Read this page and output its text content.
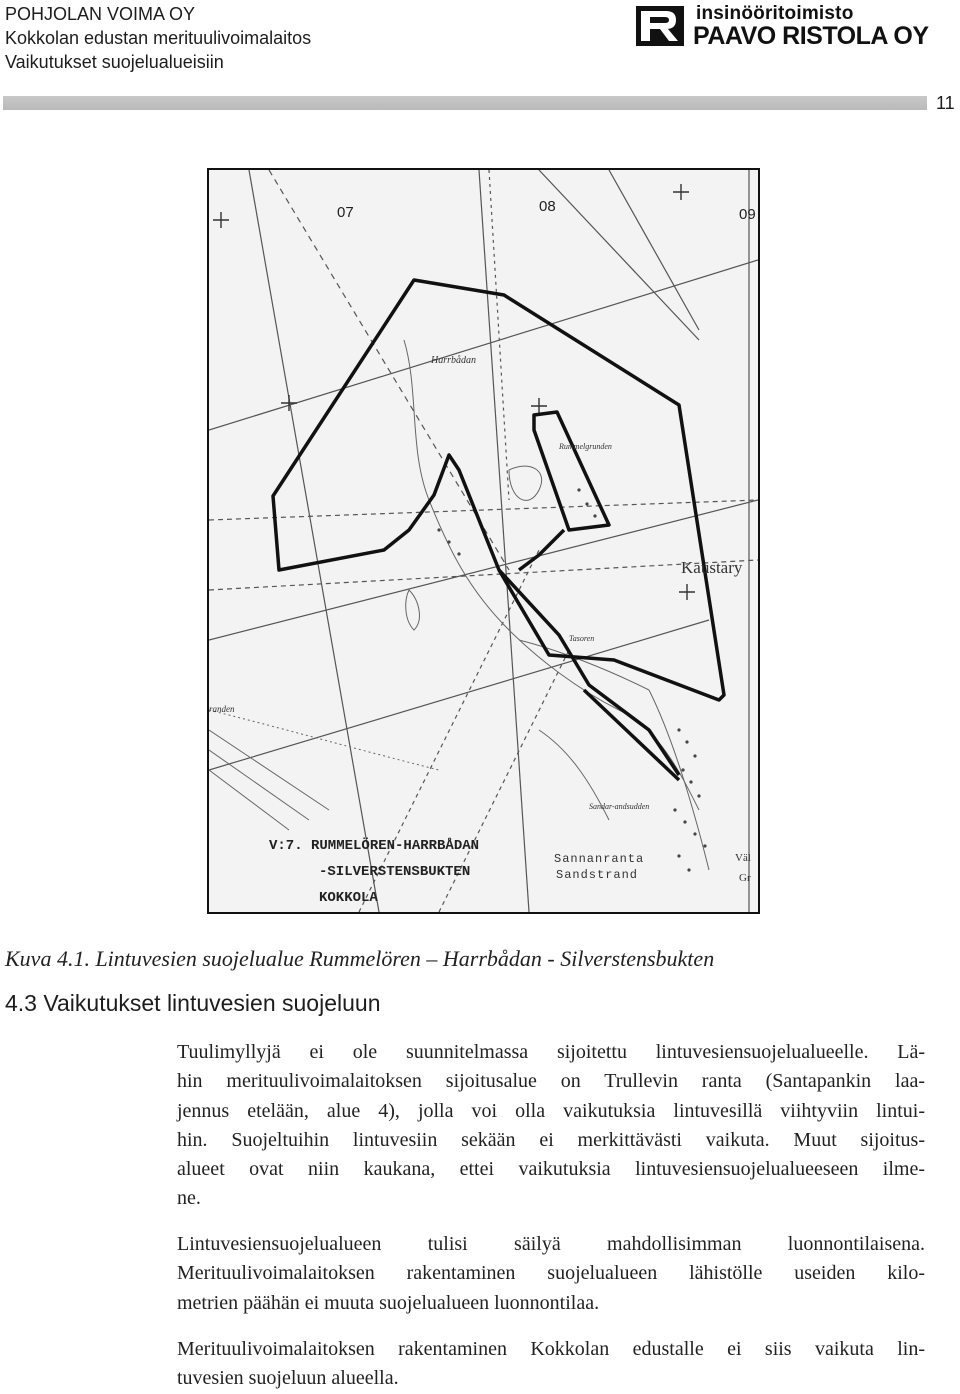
POHJOLAN VOIMA OY
Kokkolan edustan merituulivoimalaitos
Vaikutukset suojelualueisiin
insinööritoimisto
PAAVO RISTOLA OY
11
07	08	09
Harrbådan
Rummelgrunden
Kaustary
Tasoren
randen
Sandar-andsudden
Sannanranta
Sandstrand
Väl
Gr
V:7. RUMMELÖREN-HARRBÅDAN
-SILVERSTENSBUKTEN
KOKKOLA
Kuva 4.1. Lintuvesien suojelualue Rummelören – Harrbådan - Silverstensbukten
4.3 Vaikutukset lintuvesien suojeluun
Tuulimyllyjä ei ole suunnitelmassa sijoitettu lintuvesiensuojelualueelle. Lä-
hin merituulivoimalaitoksen sijoitusalue on Trullevin ranta (Santapankin laa-
jennus etelään, alue 4), jolla voi olla vaikutuksia lintuvesillä viihtyviin lintui-
hin. Suojeltuihin lintuvesiin sekään ei merkittävästi vaikuta. Muut sijoitus-
alueet ovat niin kaukana, ettei vaikutuksia lintuvesiensuojelualueeseen ilme-
ne.
Lintuvesiensuojelualueen tulisi säilyä mahdollisimman luonnontilaisena.
Merituulivoimalaitoksen rakentaminen suojelualueen lähistölle useiden kilo-
metrien päähän ei muuta suojelualueen luonnontilaa.
Merituulivoimalaitoksen rakentaminen Kokkolan edustalle ei siis vaikuta lin-
tuvesien suojeluun alueella.
